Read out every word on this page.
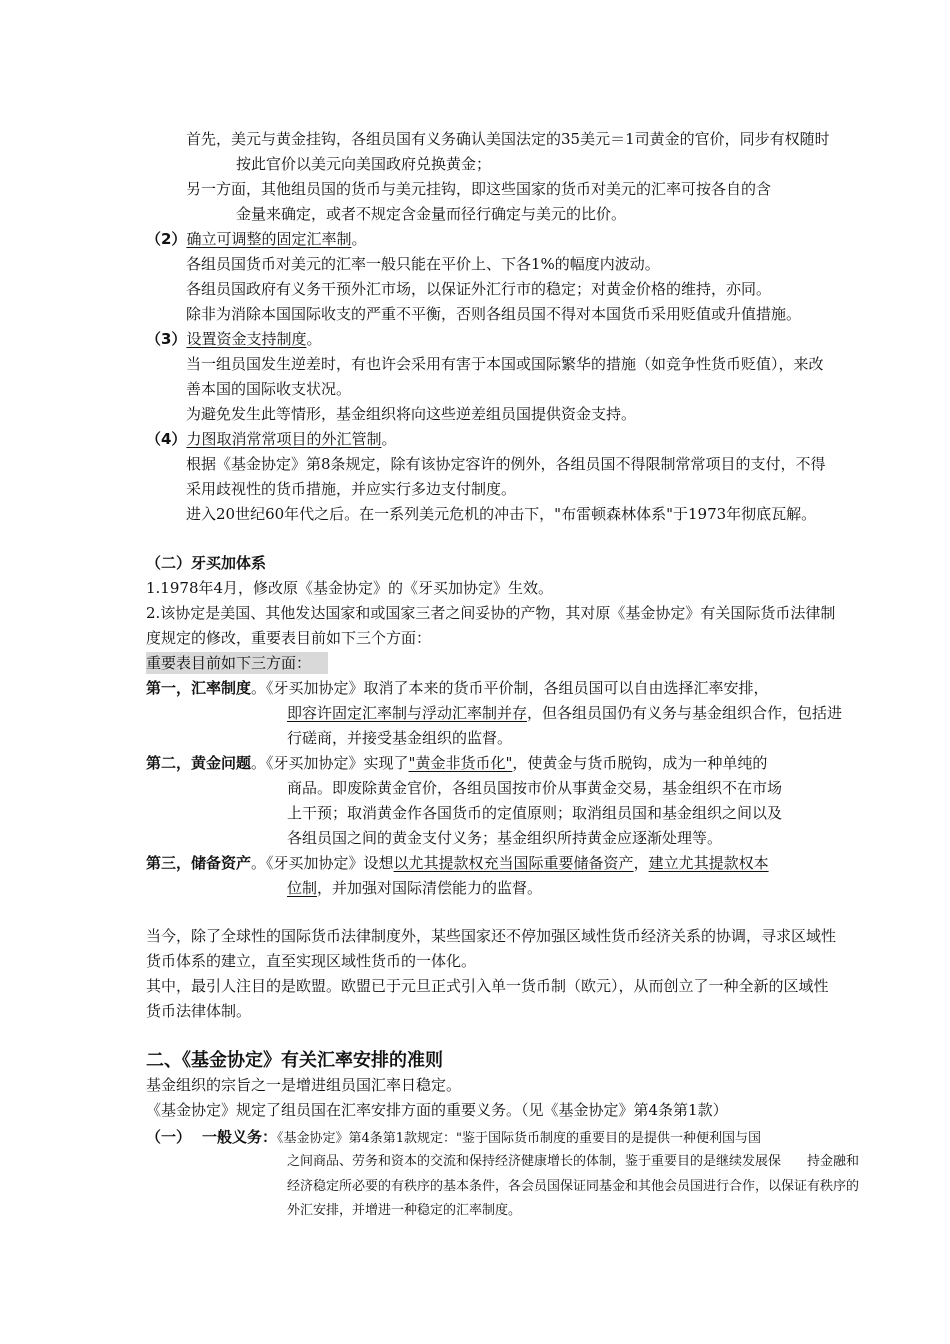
首先，美元与黄金挂钩，各组员国有义务确认美国法定的35美元＝1司黄金的官价，同步有权随时
按此官价以美元向美国政府兑换黄金；
另一方面，其他组员国的货币与美元挂钩，即这些国家的货币对美元的汇率可按各自的含
金量来确定，或者不规定含金量而径行确定与美元的比价。
（2）确立可调整的固定汇率制。
各组员国货币对美元的汇率一般只能在平价上、下各1%的幅度内波动。
各组员国政府有义务干预外汇市场，以保证外汇行市的稳定；对黄金价格的维持，亦同。
除非为消除本国国际收支的严重不平衡，否则各组员国不得对本国货币采用贬值或升值措施。
（3）设置资金支持制度。
当一组员国发生逆差时，有也许会采用有害于本国或国际繁华的措施（如竞争性货币贬值），来改
善本国的国际收支状况。
为避免发生此等情形，基金组织将向这些逆差组员国提供资金支持。
（4）力图取消常常项目的外汇管制。
根据《基金协定》第8条规定，除有该协定容许的例外，各组员国不得限制常常项目的支付，不得
采用歧视性的货币措施，并应实行多边支付制度。
进入20世纪60年代之后。在一系列美元危机的冲击下，"布雷顿森林体系"于1973年彻底瓦解。
（二）牙买加体系
1.1978年4月，修改原《基金协定》的《牙买加协定》生效。
2.该协定是美国、其他发达国家和或国家三者之间妥协的产物，其对原《基金协定》有关国际货币法律制
度规定的修改，重要表目前如下三个方面：
重要表目前如下三方面：
第一，汇率制度。《牙买加协定》取消了本来的货币平价制，各组员国可以自由选择汇率安排，
即容许固定汇率制与浮动汇率制并存，但各组员国仍有义务与基金组织合作，包括进
行磋商，并接受基金组织的监督。
第二，黄金问题。《牙买加协定》实现了"黄金非货币化"，使黄金与货币脱钩，成为一种单纯的
商品。即废除黄金官价，各组员国按市价从事黄金交易，基金组织不在市场
上干预；取消黄金作各国货币的定值原则；取消组员国和基金组织之间以及
各组员国之间的黄金支付义务；基金组织所持黄金应逐渐处理等。
第三，储备资产。《牙买加协定》设想以尤其提款权充当国际重要储备资产，建立尤其提款权本
位制，并加强对国际清偿能力的监督。
当今，除了全球性的国际货币法律制度外，某些国家还不停加强区域性货币经济关系的协调，寻求区域性
货币体系的建立，直至实现区域性货币的一体化。
其中，最引人注目的是欧盟。欧盟已于元旦正式引入单一货币制（欧元），从而创立了一种全新的区域性
货币法律体制。
二、《基金协定》有关汇率安排的准则
基金组织的宗旨之一是增进组员国汇率日稳定。
《基金协定》规定了组员国在汇率安排方面的重要义务。（见《基金协定》第4条第1款）
（一） 一般义务：《基金协定》第4条第1款规定："鉴于国际货币制度的重要目的是提供一种便利国与国
之间商品、劳务和资本的交流和保持经济健康增长的体制，鉴于重要目的是继续发展保　　持金融和
经济稳定所必要的有秩序的基本条件，各会员国保证同基金和其他会员国进行合作，以保证有秩序的
外汇安排，并增进一种稳定的汇率制度。
